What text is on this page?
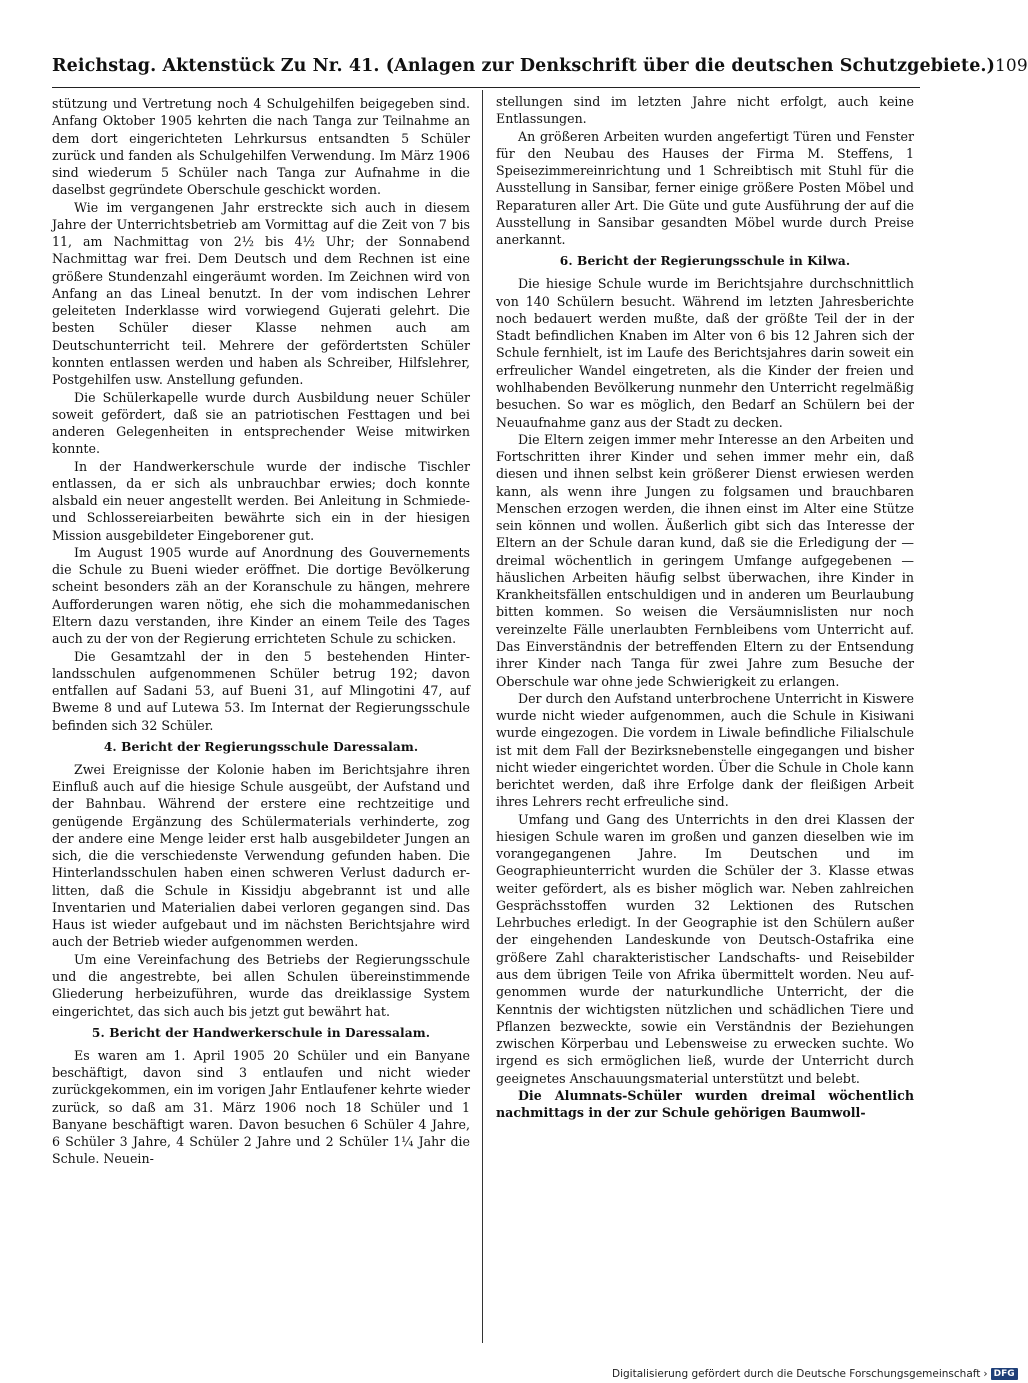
Reichstag. Aktenstück Zu Nr. 41. (Anlagen zur Denkschrift über die deutschen Schutzgebiete.) 109

stützung und Vertretung noch 4 Schulgehilfen beigegeben sind. Anfang Oktober 1905 kehrten die nach Tanga zur Teilnahme an dem dort eingerichteten Lehrkursus entsandten 5 Schüler zurück und fanden als Schulgehilfen Verwendung. Im März 1906 sind wiederum 5 Schüler nach Tanga zur Aufnahme in die daselbst gegründete Oberschule geschickt worden.

Wie im vergangenen Jahr erstreckte sich auch in diesem Jahre der Unterrichtsbetrieb am Vormittag auf die Zeit von 7 bis 11, am Nachmittag von 2½ bis 4½ Uhr; der Sonnabend Nachmittag war frei. Dem Deutsch und dem Rechnen ist eine größere Stundenzahl eingeräumt worden. Im Zeichnen wird von Anfang an das Lineal benutzt. In der vom indischen Lehrer geleiteten Inderklasse wird vorwiegend Gujerati gelehrt. Die besten Schüler dieser Klasse nehmen auch am Deutschunterricht teil. Mehrere der gefördertsten Schüler konnten entlassen werden und haben als Schreiber, Hilfslehrer, Postgehilfen usw. Anstellung gefunden.

Die Schülerkapelle wurde durch Ausbildung neuer Schüler soweit gefördert, daß sie an patriotischen Festtagen und bei anderen Gelegenheiten in entsprechender Weise mitwirken konnte.

In der Handwerkerschule wurde der indische Tischler entlassen, da er sich als unbrauchbar erwies; doch konnte alsbald ein neuer angestellt werden. Bei Anleitung in Schmiede- und Schlossereiarbeiten bewährte sich ein in der hiesigen Mission ausgebildeter Eingeborener gut.

Im August 1905 wurde auf Anordnung des Gouvernements die Schule zu Bueni wieder eröffnet. Die dortige Bevölkerung scheint besonders zäh an der Koranschule zu hängen, mehrere Aufforderungen waren nötig, ehe sich die mohammedanischen Eltern dazu verstanden, ihre Kinder an einem Teile des Tages auch zu der von der Regierung errichteten Schule zu schicken.

Die Gesamtzahl der in den 5 bestehenden Hinterlandsschulen aufgenommenen Schüler betrug 192; davon entfallen auf Sadani 53, auf Bueni 31, auf Mlingotini 47, auf Bweme 8 und auf Lutewa 53. Im Internat der Regierungsschule befinden sich 32 Schüler.

4. Bericht der Regierungsschule Daressalam.

Zwei Ereignisse der Kolonie haben im Berichtsjahre ihren Einfluß auch auf die hiesige Schule ausgeübt, der Aufstand und der Bahnbau. Während der erstere eine rechtzeitige und genügende Ergänzung des Schülermaterials verhinderte, zog der andere eine Menge leider erst halb ausgebildeter Jungen an sich, die die verschiedenste Verwendung gefunden haben. Die Hinterlandsschulen haben einen schweren Verlust dadurch erlitten, daß die Schule in Kissidju abgebrannt ist und alle Inventarien und Materialien dabei verloren gegangen sind. Das Haus ist wieder aufgebaut und im nächsten Berichtsjahre wird auch der Betrieb wieder aufgenommen werden.

Um eine Vereinfachung des Betriebs der Regierungsschule und die angestrebte, bei allen Schulen übereinstimmende Gliederung herbeizuführen, wurde das dreiklassige System eingerichtet, das sich auch bis jetzt gut bewährt hat.

5. Bericht der Handwerkerschule in Daressalam.

Es waren am 1. April 1905 20 Schüler und ein Banyane beschäftigt, davon sind 3 entlaufen und nicht wieder zurückgekommen, ein im vorigen Jahr Entlaufener kehrte wieder zurück, so daß am 31. März 1906 noch 18 Schüler und 1 Banyane beschäftigt waren. Davon besuchen 6 Schüler 4 Jahre, 6 Schüler 3 Jahre, 4 Schüler 2 Jahre und 2 Schüler 1¼ Jahr die Schule. Neuein-

stellungen sind im letzten Jahre nicht erfolgt, auch keine Entlassungen.

An größeren Arbeiten wurden angefertigt Türen und Fenster für den Neubau des Hauses der Firma M. Steffens, 1 Speisezimmereinrichtung und 1 Schreibtisch mit Stuhl für die Ausstellung in Sansibar, ferner einige größere Posten Möbel und Reparaturen aller Art. Die Güte und gute Ausführung der auf die Ausstellung in Sansibar gesandten Möbel wurde durch Preise anerkannt.

6. Bericht der Regierungsschule in Kilwa.

Die hiesige Schule wurde im Berichtsjahre durchschnittlich von 140 Schülern besucht. Während im letzten Jahresberichte noch bedauert werden mußte, daß der größte Teil der in der Stadt befindlichen Knaben im Alter von 6 bis 12 Jahren sich der Schule fernhielt, ist im Laufe des Berichtsjahres darin soweit ein erfreulicher Wandel eingetreten, als die Kinder der freien und wohlhabenden Bevölkerung nunmehr den Unterricht regelmäßig besuchen. So war es möglich, den Bedarf an Schülern bei der Neuaufnahme ganz aus der Stadt zu decken.

Die Eltern zeigen immer mehr Interesse an den Arbeiten und Fortschritten ihrer Kinder und sehen immer mehr ein, daß diesen und ihnen selbst kein größerer Dienst erwiesen werden kann, als wenn ihre Jungen zu folgsamen und brauchbaren Menschen erzogen werden, die ihnen einst im Alter eine Stütze sein können und wollen. Äußerlich gibt sich das Interesse der Eltern an der Schule daran kund, daß sie die Erledigung der — dreimal wöchentlich in geringem Umfange aufgegebenen — häuslichen Arbeiten häufig selbst überwachen, ihre Kinder in Krankheitsfällen entschuldigen und in anderen um Beurlaubung bitten kommen. So weisen die Versäumnislisten nur noch vereinzelte Fälle unerlaubten Fernbleibens vom Unterricht auf. Das Einverständnis der betreffenden Eltern zu der Entsendung ihrer Kinder nach Tanga für zwei Jahre zum Besuche der Oberschule war ohne jede Schwierigkeit zu erlangen.

Der durch den Aufstand unterbrochene Unterricht in Kiswere wurde nicht wieder aufgenommen, auch die Schule in Kisiwani wurde eingezogen. Die vordem in Liwale befindliche Filialschule ist mit dem Fall der Bezirksnebenstelle eingegangen und bisher nicht wieder eingerichtet worden. Über die Schule in Chole kann berichtet werden, daß ihre Erfolge dank der fleißigen Arbeit ihres Lehrers recht erfreuliche sind.

Umfang und Gang des Unterrichts in den drei Klassen der hiesigen Schule waren im großen und ganzen dieselben wie im vorangegangenen Jahre. Im Deutschen und im Geographieunterricht wurden die Schüler der 3. Klasse etwas weiter gefördert, als es bisher möglich war. Neben zahlreichen Gesprächsstoffen wurden 32 Lektionen des Rutschen Lehrbuches erledigt. In der Geographie ist den Schülern außer der eingehenden Landeskunde von Deutsch-Ostafrika eine größere Zahl charakteristischer Landschafts- und Reisebilder aus dem übrigen Teile von Afrika übermittelt worden. Neu aufgenommen wurde der naturkundliche Unterricht, der die Kenntnis der wichtigsten nützlichen und schädlichen Tiere und Pflanzen bezweckte, sowie ein Verständnis der Beziehungen zwischen Körperbau und Lebensweise zu erwecken suchte. Wo irgend es sich ermöglichen ließ, wurde der Unterricht durch geeignetes Anschauungsmaterial unterstützt und belebt.

Die Alumnats-Schüler wurden dreimal wöchentlich nachmittags in der zur Schule gehörigen Baumwoll-

Digitalisierung gefördert durch die Deutsche Forschungsgemeinschaft › DFG
